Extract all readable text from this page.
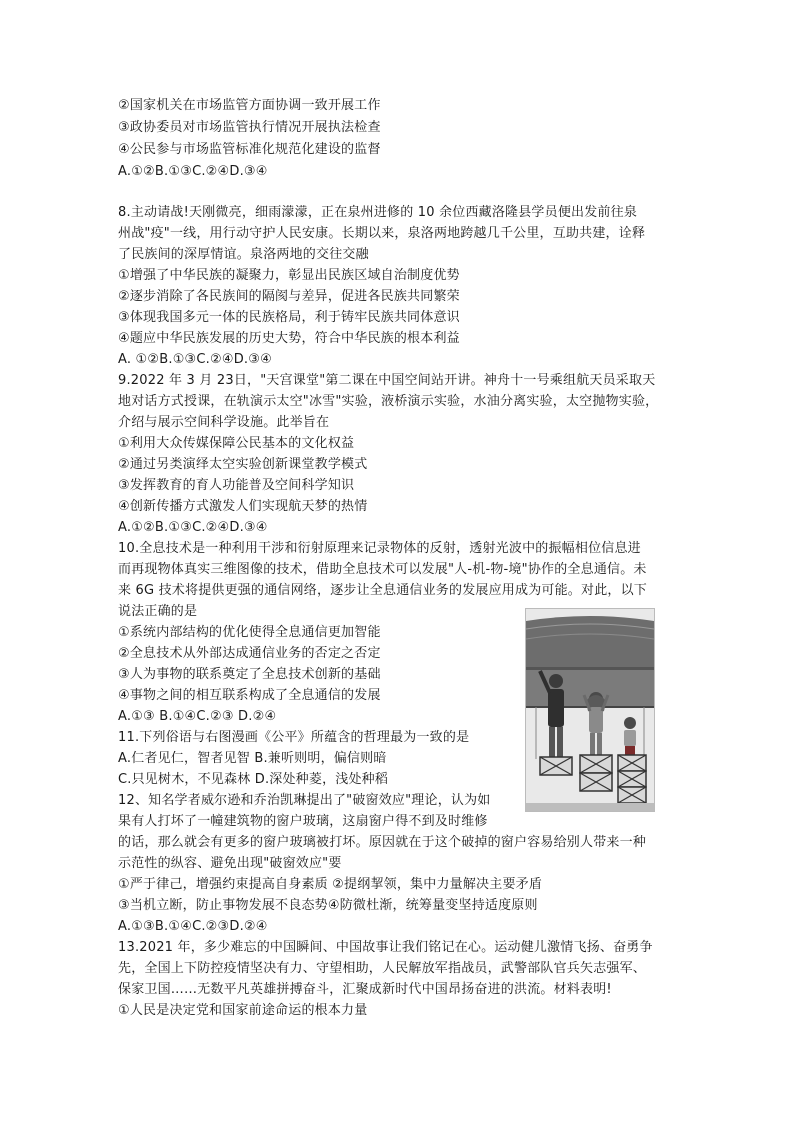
②国家机关在市场监管方面协调一致开展工作
③政协委员对市场监管执行情况开展执法检查
④公民参与市场监管标准化规范化建设的监督
A.①②B.①③C.②④D.③④
8.主动请战!天刚微亮，细雨濛濛，正在泉州进修的 10 余位西藏洛隆县学员便出发前往泉
州战"疫"一线，用行动守护人民安康。长期以来，泉洛两地跨越几千公里，互助共建，诠释
了民族间的深厚情谊。泉洛两地的交往交融
①增强了中华民族的凝聚力，彰显出民族区域自治制度优势
②逐步消除了各民族间的隔阂与差异，促进各民族共同繁荣
③体现我国多元一体的民族格局，利于铸牢民族共同体意识
④题应中华民族发展的历史大势，符合中华民族的根本利益
A. ①②B.①③C.②④D.③④
9.2022 年 3 月 23日，"天宫课堂"第二课在中国空间站开讲。神舟十一号乘组航天员采取天
地对话方式授课，在轨演示太空"冰雪"实验，液桥演示实验，水油分离实验，太空抛物实验，
介绍与展示空间科学设施。此举旨在
①利用大众传媒保障公民基本的文化权益
②通过另类演绎太空实验创新课堂教学模式
③发挥教育的育人功能普及空间科学知识
④创新传播方式激发人们实现航天梦的热情
A.①②B.①③C.②④D.③④
10.全息技术是一种利用干涉和衍射原理来记录物体的反射，透射光波中的振幅相位信息进
而再现物体真实三维图像的技术，借助全息技术可以发展"人-机-物-境"协作的全息通信。未
来 6G 技术将提供更强的通信网络，逐步让全息通信业务的发展应用成为可能。对此，以下
说法正确的是
①系统内部结构的优化使得全息通信更加智能
②全息技术从外部达成通信业务的否定之否定
③人为事物的联系奠定了全息技术创新的基础
④事物之间的相互联系构成了全息通信的发展
A.①③ B.①④C.②③ D.②④
11.下列俗语与右图漫画《公平》所蕴含的哲理最为一致的是
A.仁者见仁，智者见智 B.兼听则明，偏信则暗
C.只见树木，不见森林 D.深处种菱，浅处种稻
12、知名学者威尔逊和乔治凯琳提出了"破窗效应"理论，认为如
果有人打坏了一幢建筑物的窗户玻璃，这扇窗户得不到及时维修
的话，那么就会有更多的窗户玻璃被打坏。原因就在于这个破掉的窗户容易给别人带来一种
示范性的纵容、避免出现"破窗效应"要
①严于律己，增强约束提高自身素质 ②提纲挈领，集中力量解决主要矛盾
③当机立断，防止事物发展不良态势④防微杜渐，统筹量变坚持适度原则
A.①③B.①④C.②③D.②④
13.2021 年，多少难忘的中国瞬间、中国故事让我们铭记在心。运动健儿激情飞扬、奋勇争
先，全国上下防控疫情坚决有力、守望相助，人民解放军指战员，武警部队官兵矢志强军、
保家卫国……无数平凡英雄拼搏奋斗，汇聚成新时代中国昂扬奋进的洪流。材料表明!
①人民是决定党和国家前途命运的根本力量
